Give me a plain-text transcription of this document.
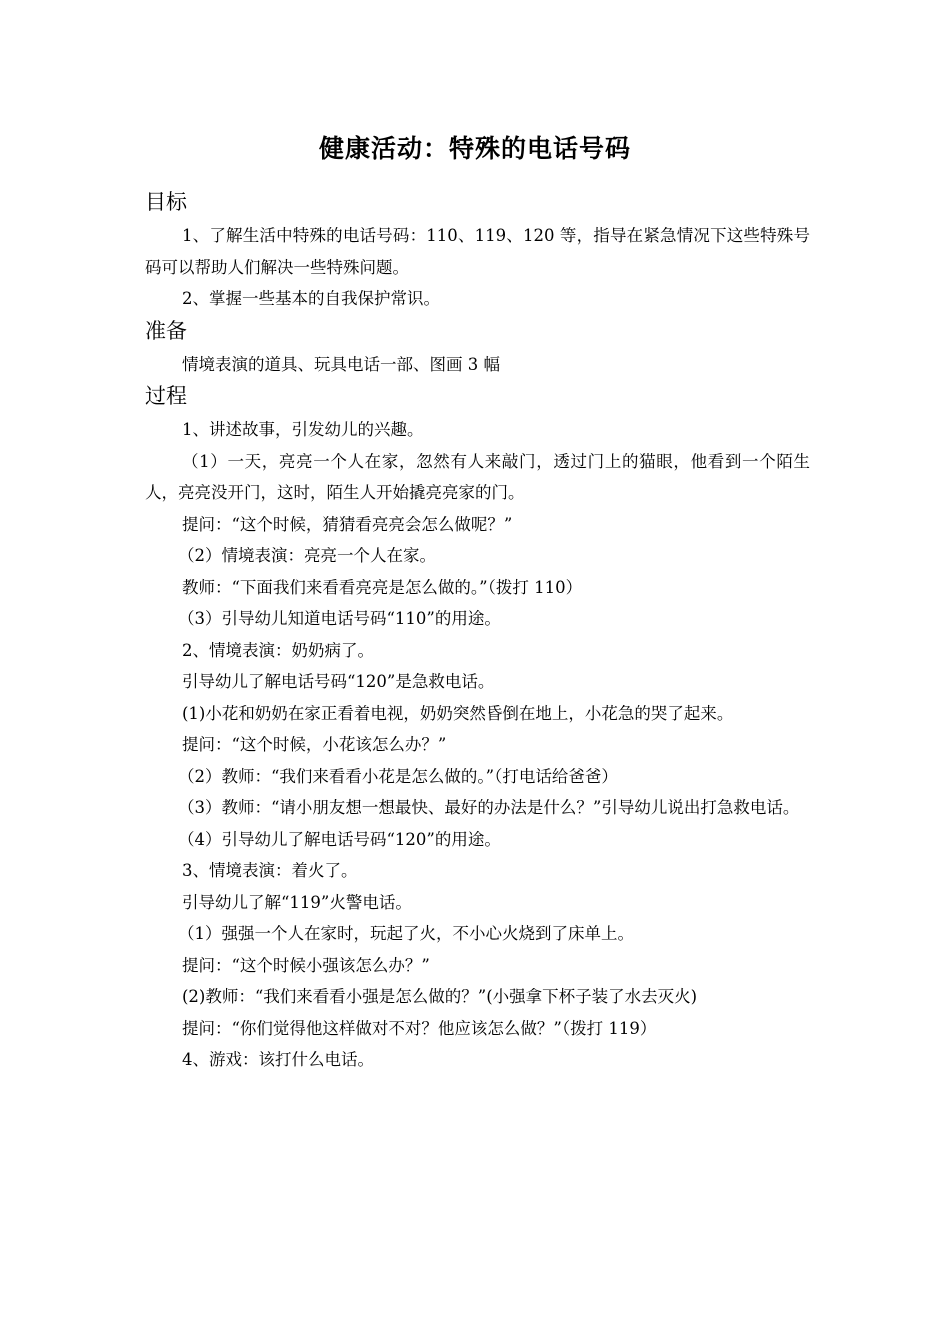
健康活动：特殊的电话号码
目标

1、了解生活中特殊的电话号码：110、119、120 等，指导在紧急情况下这些特殊号码可以帮助人们解决一些特殊问题。

2、掌握一些基本的自我保护常识。

准备

情境表演的道具、玩具电话一部、图画 3 幅

过程

1、讲述故事，引发幼儿的兴趣。

（1）一天，亮亮一个人在家，忽然有人来敲门，透过门上的猫眼，他看到一个陌生人，亮亮没开门，这时，陌生人开始撬亮亮家的门。

提问：“这个时候，猜猜看亮亮会怎么做呢？”

（2）情境表演：亮亮一个人在家。

教师：“下面我们来看看亮亮是怎么做的。”（拨打 110）

（3）引导幼儿知道电话号码“110”的用途。

2、情境表演：奶奶病了。

引导幼儿了解电话号码“120”是急救电话。

(1)小花和奶奶在家正看着电视，奶奶突然昏倒在地上，小花急的哭了起来。

提问：“这个时候，小花该怎么办？”

（2）教师：“我们来看看小花是怎么做的。”（打电话给爸爸）

（3）教师：“请小朋友想一想最快、最好的办法是什么？”引导幼儿说出打急救电话。

（4）引导幼儿了解电话号码“120”的用途。

3、情境表演：着火了。

引导幼儿了解“119”火警电话。

（1）强强一个人在家时，玩起了火，不小心火烧到了床单上。

提问：“这个时候小强该怎么办？”

(2)教师：“我们来看看小强是怎么做的？”(小强拿下杯子装了水去灭火)

提问：“你们觉得他这样做对不对？他应该怎么做？”（拨打 119）

4、游戏：该打什么电话。
